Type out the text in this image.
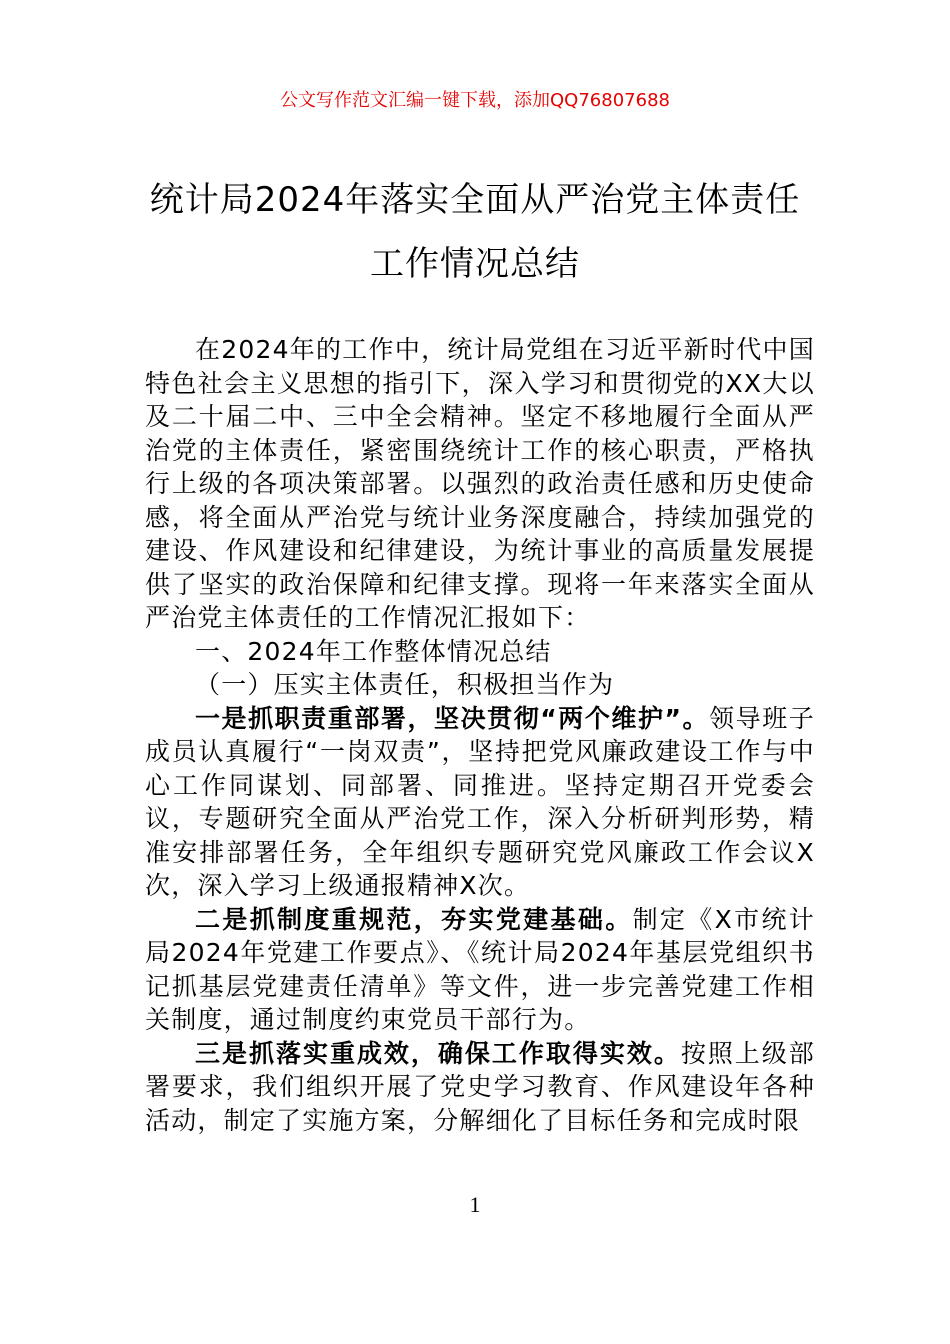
公文写作范文汇编一键下载，添加QQ76807688
统计局2024年落实全面从严治党主体责任
工作情况总结

在2024年的工作中，统计局党组在习近平新时代中国特色社会主义思想的指引下，深入学习和贯彻党的XX大以及二十届二中、三中全会精神。坚定不移地履行全面从严治党的主体责任，紧密围绕统计工作的核心职责，严格执行上级的各项决策部署。以强烈的政治责任感和历史使命感，将全面从严治党与统计业务深度融合，持续加强党的建设、作风建设和纪律建设，为统计事业的高质量发展提供了坚实的政治保障和纪律支撑。现将一年来落实全面从严治党主体责任的工作情况汇报如下：

一、2024年工作整体情况总结

（一）压实主体责任，积极担当作为

一是抓职责重部署，坚决贯彻“两个维护”。领导班子成员认真履行“一岗双责”，坚持把党风廉政建设工作与中心工作同谋划、同部署、同推进。坚持定期召开党委会议，专题研究全面从严治党工作，深入分析研判形势，精准安排部署任务，全年组织专题研究党风廉政工作会议X次，深入学习上级通报精神X次。

二是抓制度重规范，夯实党建基础。制定《X市统计局2024年党建工作要点》、《统计局2024年基层党组织书记抓基层党建责任清单》等文件，进一步完善党建工作相关制度，通过制度约束党员干部行为。

三是抓落实重成效，确保工作取得实效。按照上级部署要求，我们组织开展了党史学习教育、作风建设年各种活动，制定了实施方案，分解细化了目标任务和完成时限

1
